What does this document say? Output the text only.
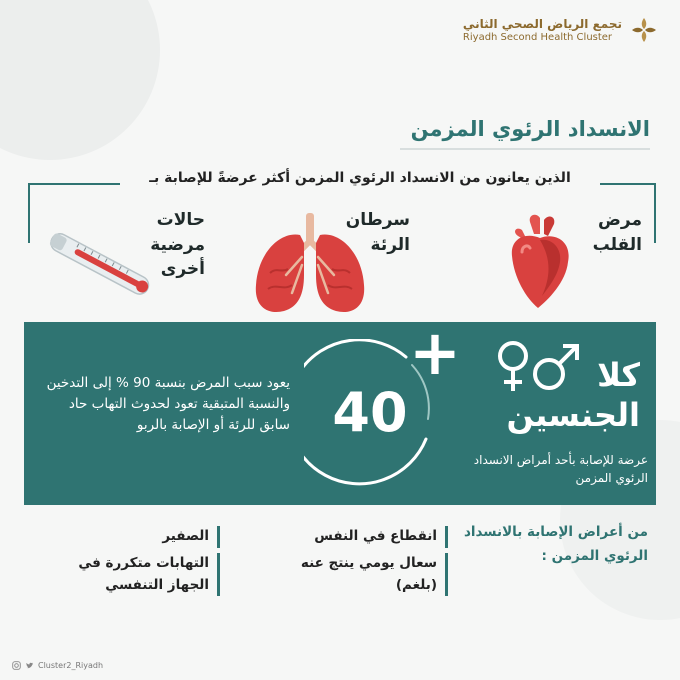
تجمع الرياض الصحي الثاني
Riyadh Second Health Cluster
الانسداد الرئوي المزمن
الذين يعانون من الانسداد الرئوي المزمن أكثر عرضةً للإصابة بـ
مرض القلب
سرطان الرئة
حالات مرضية أخرى
40
+
يعود سبب المرض بنسبة 90 % إلى التدخين والنسبة المتبقية تعود لحدوث التهاب حاد سابق للرئة أو الإصابة بالربو
كلا الجنسين
عرضة للإصابة بأحد أمراض الانسداد الرئوي المزمن
من أعراض الإصابة بالانسداد الرئوي المزمن :
انقطاع في النفس
سعال يومي ينتج عنه (بلغم)
الصفير
التهابات متكررة في الجهاز التنفسي
Cluster2_Riyadh
